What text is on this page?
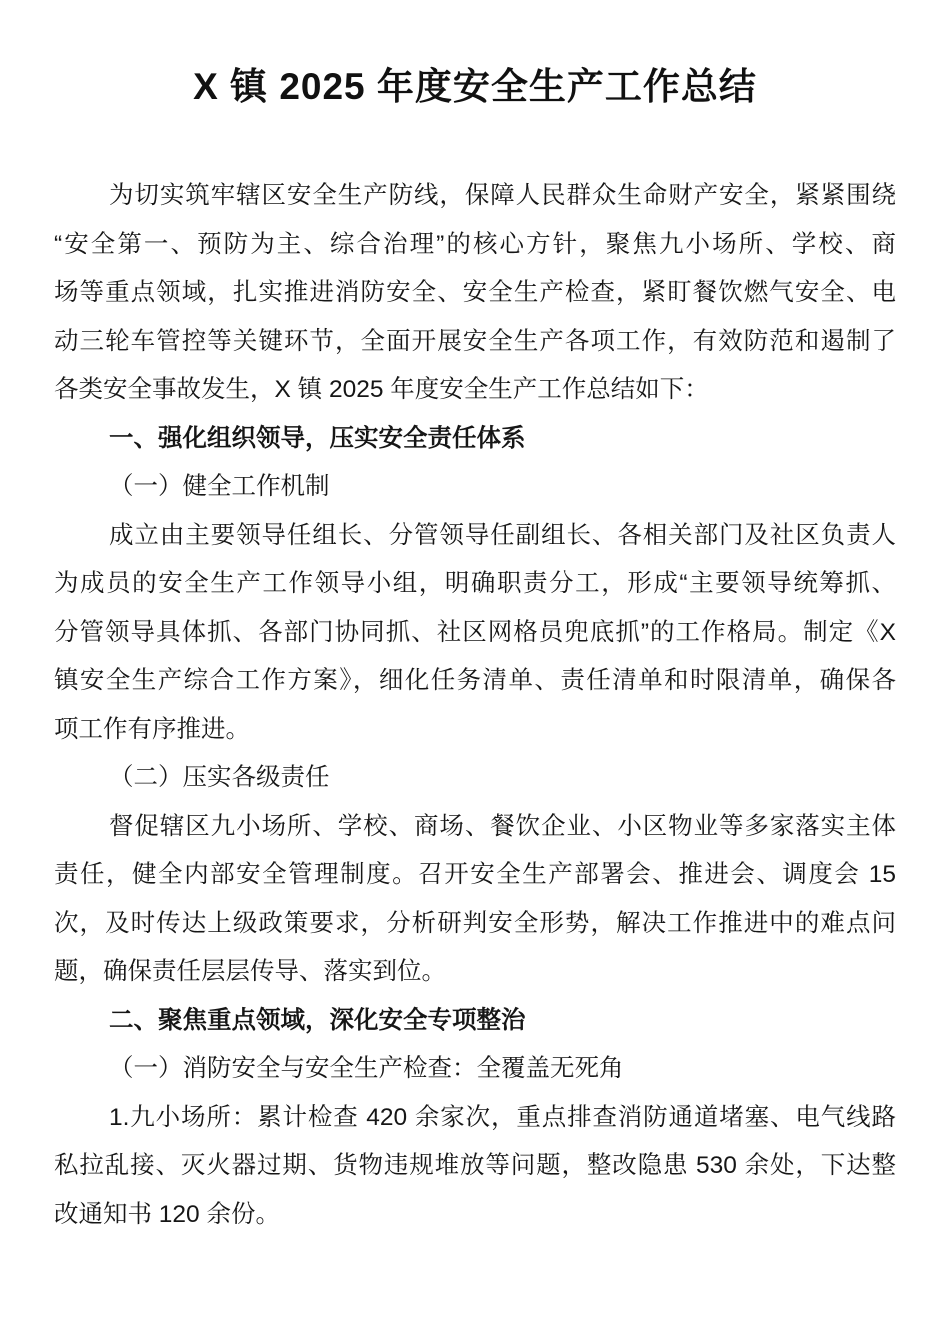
X 镇 2025 年度安全生产工作总结
为切实筑牢辖区安全生产防线，保障人民群众生命财产安全，紧紧围绕
“安全第一、预防为主、综合治理”的核心方针，聚焦九小场所、学校、商
场等重点领域，扎实推进消防安全、安全生产检查，紧盯餐饮燃气安全、电
动三轮车管控等关键环节，全面开展安全生产各项工作，有效防范和遏制了
各类安全事故发生，X 镇 2025 年度安全生产工作总结如下：
一、强化组织领导，压实安全责任体系
（一）健全工作机制
成立由主要领导任组长、分管领导任副组长、各相关部门及社区负责人
为成员的安全生产工作领导小组，明确职责分工，形成“主要领导统筹抓、
分管领导具体抓、各部门协同抓、社区网格员兜底抓”的工作格局。制定《X
镇安全生产综合工作方案》，细化任务清单、责任清单和时限清单，确保各
项工作有序推进。
（二）压实各级责任
督促辖区九小场所、学校、商场、餐饮企业、小区物业等多家落实主体
责任，健全内部安全管理制度。召开安全生产部署会、推进会、调度会 15
次，及时传达上级政策要求，分析研判安全形势，解决工作推进中的难点问
题，确保责任层层传导、落实到位。
二、聚焦重点领域，深化安全专项整治
（一）消防安全与安全生产检查：全覆盖无死角
1.九小场所：累计检查 420 余家次，重点排查消防通道堵塞、电气线路
私拉乱接、灭火器过期、货物违规堆放等问题，整改隐患 530 余处，下达整
改通知书 120 余份。
